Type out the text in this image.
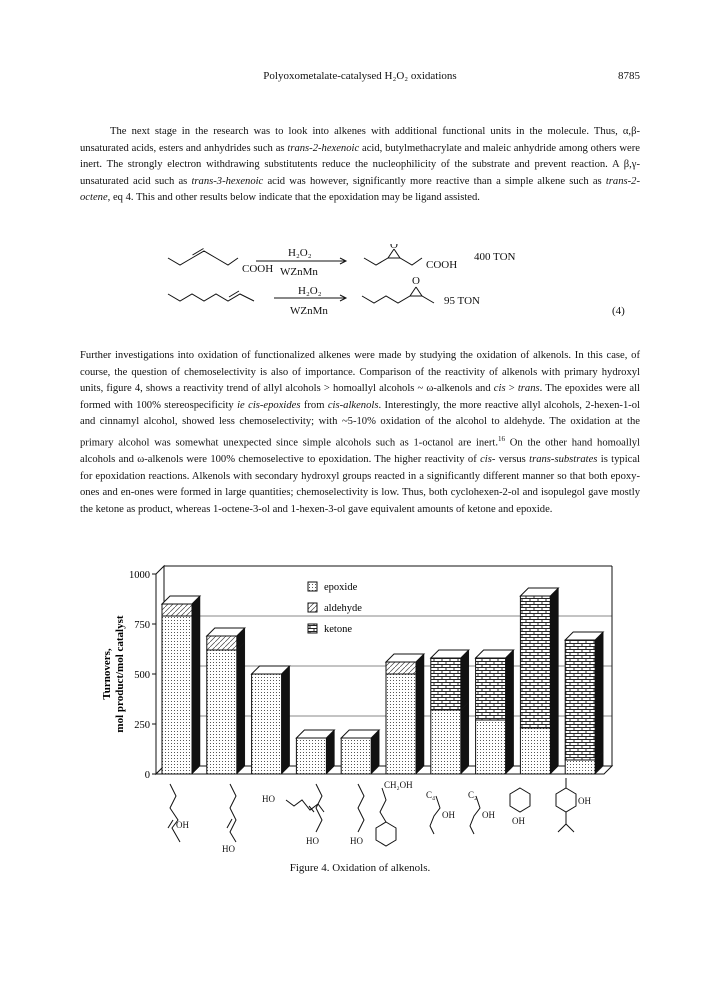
Polyoxometalate-catalysed H₂O₂ oxidations	8785

The next stage in the research was to look into alkenes with additional functional units in the molecule. Thus, α,β-unsaturated acids, esters and anhydrides such as trans-2-hexenoic acid, butylmethacrylate and maleic anhydride among others were inert. The strongly electron withdrawing substitutents reduce the nucleophilicity of the substrate and prevent reaction. A β,γ-unsaturated acid such as trans-3-hexenoic acid was however, significantly more reactive than a simple alkene such as trans-2-octene, eq 4. This and other results below indicate that the epoxidation may be ligand assisted.

COOH
H₂O₂
WZnMn
O
COOH
400 TON
H₂O₂
WZnMn
O
95 TON
(4)

Further investigations into oxidation of functionalized alkenes were made by studying the oxidation of alkenols. In this case, of course, the question of chemoselectivity is also of importance. Comparison of the reactivity of alkenols with primary hydroxyl units, figure 4, shows a reactivity trend of allyl alcohols > homoallyl alcohols ~ ω-alkenols and cis > trans. The epoxides were all formed with 100% stereospecificity ie cis-epoxides from cis-alkenols. Interestingly, the more reactive allyl alcohols, 2-hexen-1-ol and cinnamyl alcohol, showed less chemoselectivity; with ~5-10% oxidation of the alcohol to aldehyde. The oxidation at the primary alcohol was somewhat unexpected since simple alcohols such as 1-octanol are inert.$^{16}$ On the other hand homoallyl alcohols and ω-alkenols were 100% chemoselective to epoxidation. The higher reactivity of cis- versus trans-substrates is typical for epoxidation reactions. Alkenols with secondary hydroxyl groups reacted in a significantly different manner so that both epoxy-ones and en-ones were formed in large quantities; chemoselectivity is low. Thus, both cyclohexen-2-ol and isopulegol gave mostly the ketone as product, whereas 1-octene-3-ol and 1-hexen-3-ol gave equivalent amounts of ketone and epoxide.

0
250
500
750
1000
Turnovers,mol product/mol catalyst
epoxide
aldehyde
ketone
OH
HO
HO
HO	HO
CH₂OH
C₄
OH
C₂
OH
OH
OH
Figure 4. Oxidation of alkenols.
